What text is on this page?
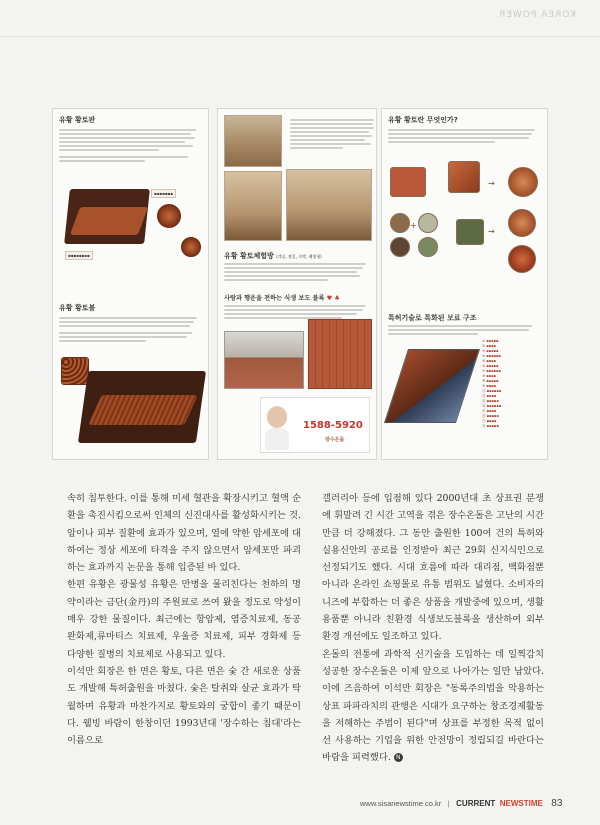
KOREA POWER
유황 황토판
▪▪▪▪▪▪▪
▪▪▪▪▪▪▪▪
유황 황토볼
유황 황토체험방 (객실, 찜질, 숙박, 웰빙형)
사랑과 행운을 전하는 식생 보도 블록 ♥ ♣
1588-5920
장수온돌
유황 황토란 무엇인가?
+
→
→
특허기술로 특화된 보료 구조
① ▪▪▪▪▪
② ▪▪▪▪
③ ▪▪▪▪▪
④ ▪▪▪▪▪▪
⑤ ▪▪▪▪
⑥ ▪▪▪▪▪
⑦ ▪▪▪▪▪▪
⑧ ▪▪▪▪
⑨ ▪▪▪▪▪
⑩ ▪▪▪▪
⑪ ▪▪▪▪▪▪
⑫ ▪▪▪▪
⑬ ▪▪▪▪▪
⑭ ▪▪▪▪▪▪
⑮ ▪▪▪▪
⑯ ▪▪▪▪▪
⑰ ▪▪▪▪
⑱ ▪▪▪▪▪

속히 침투한다. 이를 통해 미세 혈관을 확장시키고 혈액 순환을 촉진시킴으로써 인체의 신진대사를 활성화시키는 것. 암이나 피부 질환에 효과가 있으며, 열에 약한 암세포에 대하여는 정상 세포에 타격을 주지 않으면서 암세포만 파괴하는 효과까지 논문을 통해 입증된 바 있다.

한편 유황은 광물성 유황은 만병을 물리친다는 천하의 명약이라는 금단(金丹)의 주원료로 쓰여 왔을 정도로 약성이 매우 강한 물질이다. 최근에는 항암제, 염증치료제, 동공 완화제,류마티스 치료제, 우울증 치료제, 피부 경화제 등 다양한 질병의 치료제로 사용되고 있다.

이석만 회장은 한 면은 황토, 다른 면은 숯 간 새로운 상품도 개발해 특허출원을 마쳤다. 숯은 탈취와 살균 효과가 탁월하며 유황과 마찬가지로 황토와의 궁합이 좋기 때문이다. 웰빙 바람이 한창이던 1993년대 '장수하는 침대'라는 이름으로

갤러리아 등에 입점해 있다 2000년대 초 상표권 분쟁에 휘말려 긴 시간 고역을 겪은 장수온돌은 고난의 시간만큼 더 강해졌다. 그 동안 출원한 100여 건의 특허와 실용신안의 공로를 인정받아 최근 29회 신지식인으로 선정되기도 했다. 시대 흐름에 따라 대리점, 백화점뿐 아니라 온라인 쇼핑몰로 유통 범위도 넓혔다. 소비자의 니즈에 부합하는 더 좋은 상품을 개발중에 있으며, 생활용품뿐 아니라 친환경 식생보도블록을 생산하여 외부 환경 개선에도 일조하고 있다.

온돌의 전통에 과학적 신기술을 도입하는 데 일찍감치 성공한 장수온돌은 이제 앞으로 나아가는 일만 남았다. 이에 즈음하여 이석만 회장은 "동록주의법을 악용하는 상표 파파라치의 관행은 시대가 요구하는 창조경제활동을 저해하는 주범이 된다"며 상표를 부정한 목적 없이 선 사용하는 기업을 위한 안전망이 정립되길 바란다는 바람을 피력했다. N

www.sisanewstime.co.kr | CURRENT NEWSTIME 83
